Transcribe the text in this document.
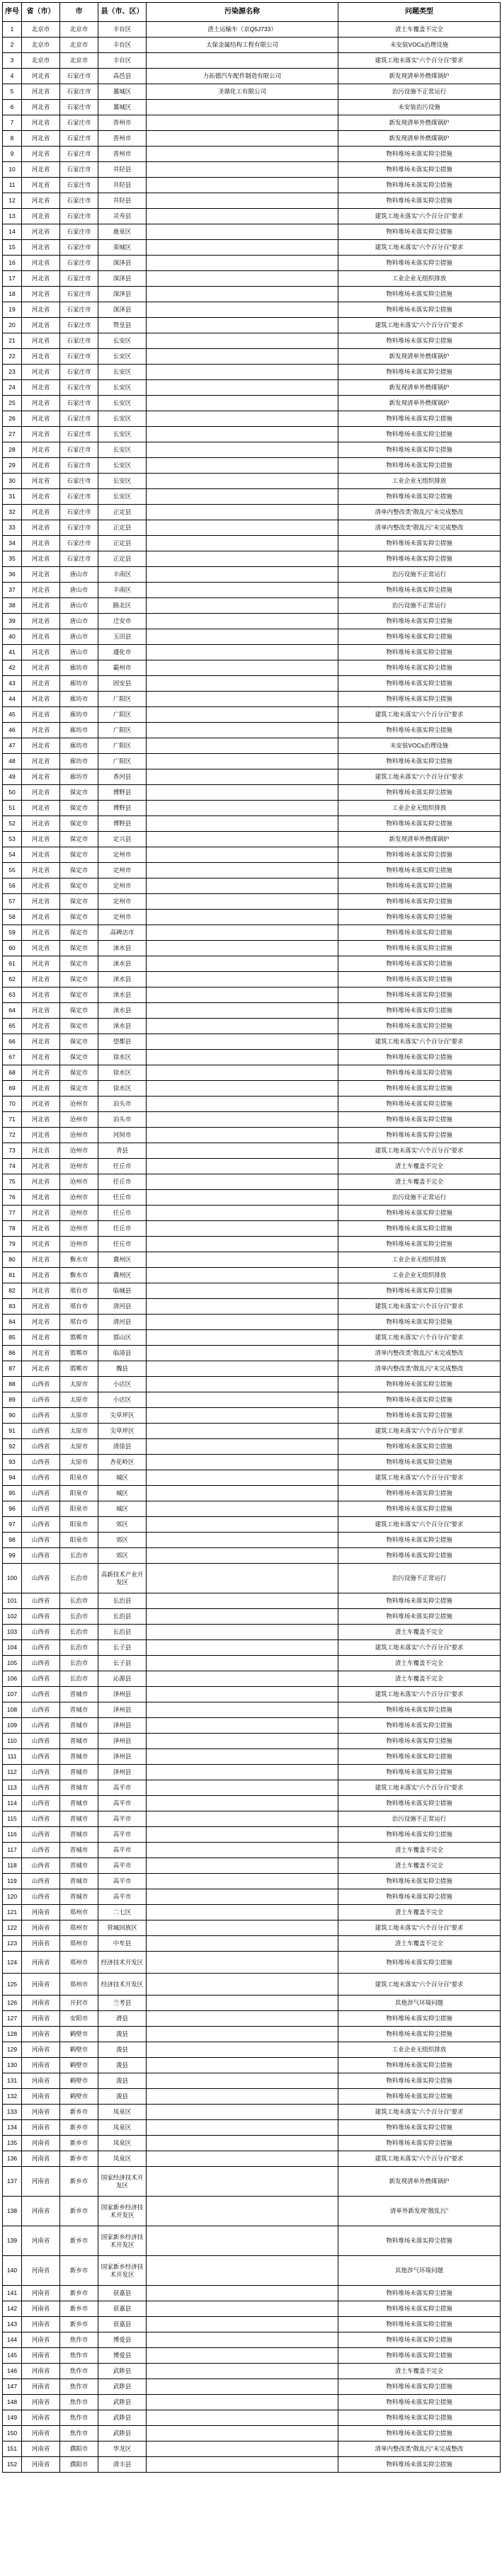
序号	省（市）	市	县（市、区）	污染源名称	问题类型
1	北京市	北京市	丰台区	渣土运输车（京Q5J733）	渣土车覆盖不完全
2	北京市	北京市	丰台区	太保金属结构工程有限公司	未安装VOCs治理设施
3	北京市	北京市	丰台区		建筑工地未落实“六个百分百”要求
4	河北省	石家庄市	高邑县	力拓德汽车配件制造有限公司	新发现清单外燃煤锅炉
5	河北省	石家庄市	藁城区	圣鼎化工有限公司	治污设施不正常运行
6	河北省	石家庄市	藁城区		未安装治污设施
7	河北省	石家庄市	晋州市		新发现清单外燃煤锅炉
8	河北省	石家庄市	晋州市		新发现清单外燃煤锅炉
9	河北省	石家庄市	晋州市		物料堆场未落实抑尘措施
10	河北省	石家庄市	井陉县		物料堆场未落实抑尘措施
11	河北省	石家庄市	井陉县		物料堆场未落实抑尘措施
12	河北省	石家庄市	井陉县		物料堆场未落实抑尘措施
13	河北省	石家庄市	灵寿县		建筑工地未落实“六个百分百”要求
14	河北省	石家庄市	鹿泉区		物料堆场未落实抑尘措施
15	河北省	石家庄市	栾城区		建筑工地未落实“六个百分百”要求
16	河北省	石家庄市	深泽县		物料堆场未落实抑尘措施
17	河北省	石家庄市	深泽县		工业企业无组织排放
18	河北省	石家庄市	深泽县		物料堆场未落实抑尘措施
19	河北省	石家庄市	深泽县		物料堆场未落实抑尘措施
20	河北省	石家庄市	赞皇县		建筑工地未落实“六个百分百”要求
21	河北省	石家庄市	长安区		物料堆场未落实抑尘措施
22	河北省	石家庄市	长安区		新发现清单外燃煤锅炉
23	河北省	石家庄市	长安区		物料堆场未落实抑尘措施
24	河北省	石家庄市	长安区		新发现清单外燃煤锅炉
25	河北省	石家庄市	长安区		新发现清单外燃煤锅炉
26	河北省	石家庄市	长安区		物料堆场未落实抑尘措施
27	河北省	石家庄市	长安区		物料堆场未落实抑尘措施
28	河北省	石家庄市	长安区		物料堆场未落实抑尘措施
29	河北省	石家庄市	长安区		物料堆场未落实抑尘措施
30	河北省	石家庄市	长安区		工业企业无组织排放
31	河北省	石家庄市	长安区		物料堆场未落实抑尘措施
32	河北省	石家庄市	正定县		清单内整改类“散乱污”未完成整改
33	河北省	石家庄市	正定县		清单内整改类“散乱污”未完成整改
34	河北省	石家庄市	正定县		物料堆场未落实抑尘措施
35	河北省	石家庄市	正定县		物料堆场未落实抑尘措施
36	河北省	唐山市	丰南区		治污设施不正常运行
37	河北省	唐山市	丰南区		物料堆场未落实抑尘措施
38	河北省	唐山市	路北区		治污设施不正常运行
39	河北省	唐山市	迁安市		物料堆场未落实抑尘措施
40	河北省	唐山市	玉田县		物料堆场未落实抑尘措施
41	河北省	唐山市	遵化市		物料堆场未落实抑尘措施
42	河北省	廊坊市	霸州市		物料堆场未落实抑尘措施
43	河北省	廊坊市	固安县		物料堆场未落实抑尘措施
44	河北省	廊坊市	广阳区		物料堆场未落实抑尘措施
45	河北省	廊坊市	广阳区		建筑工地未落实“六个百分百”要求
46	河北省	廊坊市	广阳区		物料堆场未落实抑尘措施
47	河北省	廊坊市	广阳区		未安装VOCs治理设施
48	河北省	廊坊市	广阳区		物料堆场未落实抑尘措施
49	河北省	廊坊市	香河县		建筑工地未落实“六个百分百”要求
50	河北省	保定市	博野县		物料堆场未落实抑尘措施
51	河北省	保定市	博野县		工业企业无组织排放
52	河北省	保定市	博野县		物料堆场未落实抑尘措施
53	河北省	保定市	定兴县		新发现清单外燃煤锅炉
54	河北省	保定市	定州市		物料堆场未落实抑尘措施
55	河北省	保定市	定州市		物料堆场未落实抑尘措施
56	河北省	保定市	定州市		物料堆场未落实抑尘措施
57	河北省	保定市	定州市		物料堆场未落实抑尘措施
58	河北省	保定市	定州市		物料堆场未落实抑尘措施
59	河北省	保定市	高碑店市		物料堆场未落实抑尘措施
60	河北省	保定市	涞水县		物料堆场未落实抑尘措施
61	河北省	保定市	涞水县		物料堆场未落实抑尘措施
62	河北省	保定市	涞水县		物料堆场未落实抑尘措施
63	河北省	保定市	涞水县		物料堆场未落实抑尘措施
64	河北省	保定市	涞水县		物料堆场未落实抑尘措施
65	河北省	保定市	涞水县		物料堆场未落实抑尘措施
66	河北省	保定市	望都县		建筑工地未落实“六个百分百”要求
67	河北省	保定市	徐水区		物料堆场未落实抑尘措施
68	河北省	保定市	徐水区		物料堆场未落实抑尘措施
69	河北省	保定市	徐水区		物料堆场未落实抑尘措施
70	河北省	沧州市	泊头市		物料堆场未落实抑尘措施
71	河北省	沧州市	泊头市		物料堆场未落实抑尘措施
72	河北省	沧州市	河间市		物料堆场未落实抑尘措施
73	河北省	沧州市	青县		建筑工地未落实“六个百分百”要求
74	河北省	沧州市	任丘市		渣土车覆盖不完全
75	河北省	沧州市	任丘市		渣土车覆盖不完全
76	河北省	沧州市	任丘市		治污设施不正常运行
77	河北省	沧州市	任丘市		物料堆场未落实抑尘措施
78	河北省	沧州市	任丘市		物料堆场未落实抑尘措施
79	河北省	沧州市	任丘市		物料堆场未落实抑尘措施
80	河北省	衡水市	冀州区		工业企业无组织排放
81	河北省	衡水市	冀州区		工业企业无组织排放
82	河北省	邢台市	临城县		物料堆场未落实抑尘措施
83	河北省	邢台市	清河县		建筑工地未落实“六个百分百”要求
84	河北省	邢台市	清河县		物料堆场未落实抑尘措施
85	河北省	邯郸市	邯山区		建筑工地未落实“六个百分百”要求
86	河北省	邯郸市	临漳县		清单内整改类“散乱污”未完成整改
87	河北省	邯郸市	魏县		清单内整改类“散乱污”未完成整改
88	山西省	太原市	小店区		物料堆场未落实抑尘措施
89	山西省	太原市	小店区		物料堆场未落实抑尘措施
90	山西省	太原市	尖草坪区		物料堆场未落实抑尘措施
91	山西省	太原市	尖草坪区		建筑工地未落实“六个百分百”要求
92	山西省	太原市	清徐县		物料堆场未落实抑尘措施
93	山西省	太原市	杏花岭区		物料堆场未落实抑尘措施
94	山西省	阳泉市	城区		建筑工地未落实“六个百分百”要求
95	山西省	阳泉市	城区		物料堆场未落实抑尘措施
96	山西省	阳泉市	城区		物料堆场未落实抑尘措施
97	山西省	阳泉市	郊区		建筑工地未落实“六个百分百”要求
98	山西省	阳泉市	郊区		物料堆场未落实抑尘措施
99	山西省	长治市	郊区		物料堆场未落实抑尘措施
100	山西省	长治市	高新技术产业开发区		治污设施不正常运行
101	山西省	长治市	长治县		物料堆场未落实抑尘措施
102	山西省	长治市	长治县		物料堆场未落实抑尘措施
103	山西省	长治市	长治县		渣土车覆盖不完全
104	山西省	长治市	长子县		建筑工地未落实“六个百分百”要求
105	山西省	长治市	长子县		渣土车覆盖不完全
106	山西省	长治市	沁源县		渣土车覆盖不完全
107	山西省	晋城市	泽州县		建筑工地未落实“六个百分百”要求
108	山西省	晋城市	泽州县		物料堆场未落实抑尘措施
109	山西省	晋城市	泽州县		物料堆场未落实抑尘措施
110	山西省	晋城市	泽州县		物料堆场未落实抑尘措施
111	山西省	晋城市	泽州县		物料堆场未落实抑尘措施
112	山西省	晋城市	泽州县		物料堆场未落实抑尘措施
113	山西省	晋城市	高平市		建筑工地未落实“六个百分百”要求
114	山西省	晋城市	高平市		物料堆场未落实抑尘措施
115	山西省	晋城市	高平市		治污设施不正常运行
116	山西省	晋城市	高平市		物料堆场未落实抑尘措施
117	山西省	晋城市	高平市		渣土车覆盖不完全
118	山西省	晋城市	高平市		渣土车覆盖不完全
119	山西省	晋城市	高平市		物料堆场未落实抑尘措施
120	山西省	晋城市	高平市		物料堆场未落实抑尘措施
121	河南省	郑州市	二七区		渣土车覆盖不完全
122	河南省	郑州市	管城回族区		建筑工地未落实“六个百分百”要求
123	河南省	郑州市	中牟县		渣土车覆盖不完全
124	河南省	郑州市	经济技术开发区		物料堆场未落实抑尘措施
125	河南省	郑州市	经济技术开发区		建筑工地未落实“六个百分百”要求
126	河南省	开封市	兰考县		其他涉气环境问题
127	河南省	安阳市	滑县		物料堆场未落实抑尘措施
128	河南省	鹤壁市	浚县		物料堆场未落实抑尘措施
129	河南省	鹤壁市	浚县		工业企业无组织排放
130	河南省	鹤壁市	浚县		物料堆场未落实抑尘措施
131	河南省	鹤壁市	浚县		物料堆场未落实抑尘措施
132	河南省	鹤壁市	浚县		物料堆场未落实抑尘措施
133	河南省	新乡市	凤泉区		建筑工地未落实“六个百分百”要求
134	河南省	新乡市	凤泉区		物料堆场未落实抑尘措施
135	河南省	新乡市	凤泉区		物料堆场未落实抑尘措施
136	河南省	新乡市	凤泉区		建筑工地未落实“六个百分百”要求
137	河南省	新乡市	国家经济技术开发区		新发现清单外燃煤锅炉
138	河南省	新乡市	国家新乡经济技术开发区		清单外新发现“散乱污”
139	河南省	新乡市	国家新乡经济技术开发区		物料堆场未落实抑尘措施
140	河南省	新乡市	国家新乡经济技术开发区		其他涉气环境问题
141	河南省	新乡市	获嘉县		物料堆场未落实抑尘措施
142	河南省	新乡市	获嘉县		物料堆场未落实抑尘措施
143	河南省	新乡市	获嘉县		物料堆场未落实抑尘措施
144	河南省	焦作市	博爱县		物料堆场未落实抑尘措施
145	河南省	焦作市	博爱县		物料堆场未落实抑尘措施
146	河南省	焦作市	武陟县		渣土车覆盖不完全
147	河南省	焦作市	武陟县		物料堆场未落实抑尘措施
148	河南省	焦作市	武陟县		物料堆场未落实抑尘措施
149	河南省	焦作市	武陟县		物料堆场未落实抑尘措施
150	河南省	焦作市	武陟县		物料堆场未落实抑尘措施
151	河南省	濮阳市	华龙区		清单内整改类“散乱污”未完成整改
152	河南省	濮阳市	清丰县		物料堆场未落实抑尘措施
